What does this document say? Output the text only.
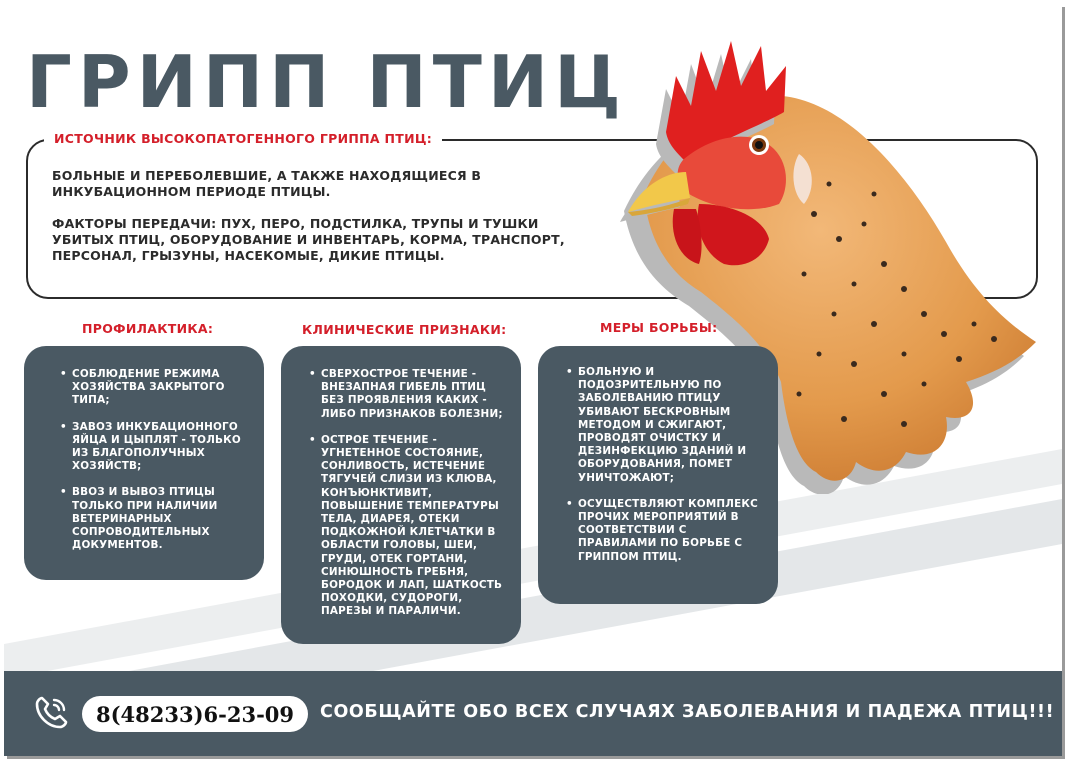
ГРИПП ПТИЦ
ИСТОЧНИК ВЫСОКОПАТОГЕННОГО ГРИППА ПТИЦ:

БОЛЬНЫЕ И ПЕРЕБОЛЕВШИЕ, А ТАКЖЕ НАХОДЯЩИЕСЯ В ИНКУБАЦИОННОМ ПЕРИОДЕ ПТИЦЫ.

ФАКТОРЫ ПЕРЕДАЧИ: ПУХ, ПЕРО, ПОДСТИЛКА, ТРУПЫ И ТУШКИ УБИТЫХ ПТИЦ, ОБОРУДОВАНИЕ И ИНВЕНТАРЬ, КОРМА, ТРАНСПОРТ, ПЕРСОНАЛ, ГРЫЗУНЫ, НАСЕКОМЫЕ, ДИКИЕ ПТИЦЫ.

ПРОФИЛАКТИКА:	КЛИНИЧЕСКИЕ ПРИЗНАКИ:	МЕРЫ БОРЬБЫ:
• СОБЛЮДЕНИЕ РЕЖИМА ХОЗЯЙСТВА ЗАКРЫТОГО ТИПА;
• ЗАВОЗ ИНКУБАЦИОННОГО ЯЙЦА И ЦЫПЛЯТ - ТОЛЬКО ИЗ БЛАГОПОЛУЧНЫХ ХОЗЯЙСТВ;
• ВВОЗ И ВЫВОЗ ПТИЦЫ ТОЛЬКО ПРИ НАЛИЧИИ ВЕТЕРИНАРНЫХ СОПРОВОДИТЕЛЬНЫХ ДОКУМЕНТОВ.
• СВЕРХОСТРОЕ ТЕЧЕНИЕ - ВНЕЗАПНАЯ ГИБЕЛЬ ПТИЦ БЕЗ ПРОЯВЛЕНИЯ КАКИХ - ЛИБО ПРИЗНАКОВ БОЛЕЗНИ;
• ОСТРОЕ ТЕЧЕНИЕ - УГНЕТЕННОЕ СОСТОЯНИЕ, СОНЛИВОСТЬ, ИСТЕЧЕНИЕ ТЯГУЧЕЙ СЛИЗИ ИЗ КЛЮВА, КОНЪЮНКТИВИТ, ПОВЫШЕНИЕ ТЕМПЕРАТУРЫ ТЕЛА, ДИАРЕЯ, ОТЕКИ ПОДКОЖНОЙ КЛЕТЧАТКИ В ОБЛАСТИ ГОЛОВЫ, ШЕИ, ГРУДИ, ОТЕК ГОРТАНИ, СИНЮШНОСТЬ ГРЕБНЯ, БОРОДОК И ЛАП, ШАТКОСТЬ ПОХОДКИ, СУДОРОГИ, ПАРЕЗЫ И ПАРАЛИЧИ.
• БОЛЬНУЮ И ПОДОЗРИТЕЛЬНУЮ ПО ЗАБОЛЕВАНИЮ ПТИЦУ УБИВАЮТ БЕСКРОВНЫМ МЕТОДОМ И СЖИГАЮТ, ПРОВОДЯТ ОЧИСТКУ И ДЕЗИНФЕКЦИЮ ЗДАНИЙ И ОБОРУДОВАНИЯ, ПОМЕТ УНИЧТОЖАЮТ;
• ОСУЩЕСТВЛЯЮТ КОМПЛЕКС ПРОЧИХ МЕРОПРИЯТИЙ В СООТВЕТСТВИИ С ПРАВИЛАМИ ПО БОРЬБЕ С ГРИППОМ ПТИЦ.
8(48233)6-23-09	СООБЩАЙТЕ ОБО ВСЕХ СЛУЧАЯХ ЗАБОЛЕВАНИЯ И ПАДЕЖА ПТИЦ!!!
